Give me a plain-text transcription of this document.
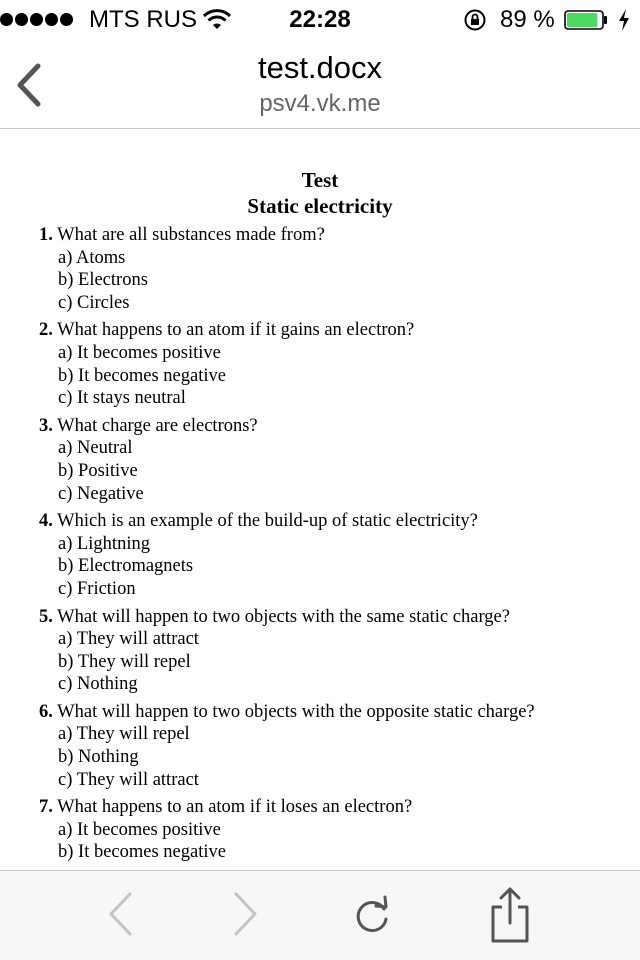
MTS RUS	22:28	89 %
test.docx
psv4.vk.me
Test
Static electricity
1. What are all substances made from?
a) Atoms
b) Electrons
c) Circles
2. What happens to an atom if it gains an electron?
a) It becomes positive
b) It becomes negative
c) It stays neutral
3. What charge are electrons?
a) Neutral
b) Positive
c) Negative
4. Which is an example of the build-up of static electricity?
a) Lightning
b) Electromagnets
c) Friction
5. What will happen to two objects with the same static charge?
a) They will attract
b) They will repel
c) Nothing
6. What will happen to two objects with the opposite static charge?
a) They will repel
b) Nothing
c) They will attract
7. What happens to an atom if it loses an electron?
a) It becomes positive
b) It becomes negative
